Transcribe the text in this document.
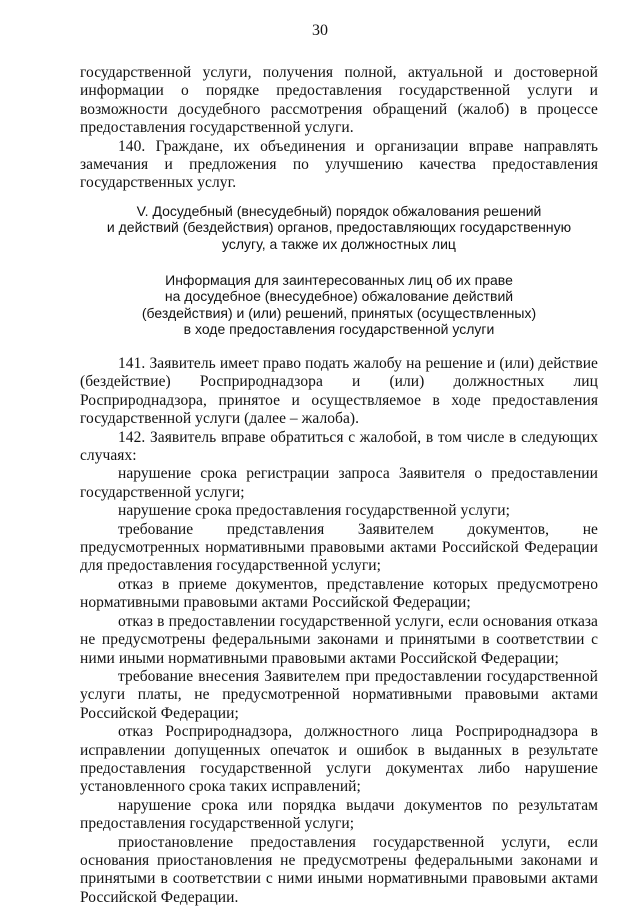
30

государственной услуги, получения полной, актуальной и достоверной информации о порядке предоставления государственной услуги и возможности досудебного рассмотрения обращений (жалоб) в процессе предоставления государственной услуги.

140. Граждане, их объединения и организации вправе направлять замечания и предложения по улучшению качества предоставления государственных услуг.

V. Досудебный (внесудебный) порядок обжалования решений
и действий (бездействия) органов, предоставляющих государственную
услугу, а также их должностных лиц
Информация для заинтересованных лиц об их праве
на досудебное (внесудебное) обжалование действий
(бездействия) и (или) решений, принятых (осуществленных)
в ходе предоставления государственной услуги

141. Заявитель имеет право подать жалобу на решение и (или) действие (бездействие) Росприроднадзора и (или) должностных лиц Росприроднадзора, принятое и осуществляемое в ходе предоставления государственной услуги (далее – жалоба).

142. Заявитель вправе обратиться с жалобой, в том числе в следующих случаях:

нарушение срока регистрации запроса Заявителя о предоставлении государственной услуги;

нарушение срока предоставления государственной услуги;

требование представления Заявителем документов, не предусмотренных нормативными правовыми актами Российской Федерации для предоставления государственной услуги;

отказ в приеме документов, представление которых предусмотрено нормативными правовыми актами Российской Федерации;

отказ в предоставлении государственной услуги, если основания отказа не предусмотрены федеральными законами и принятыми в соответствии с ними иными нормативными правовыми актами Российской Федерации;

требование внесения Заявителем при предоставлении государственной услуги платы, не предусмотренной нормативными правовыми актами Российской Федерации;

отказ Росприроднадзора, должностного лица Росприроднадзора в исправлении допущенных опечаток и ошибок в выданных в результате предоставления государственной услуги документах либо нарушение установленного срока таких исправлений;

нарушение срока или порядка выдачи документов по результатам предоставления государственной услуги;

приостановление предоставления государственной услуги, если основания приостановления не предусмотрены федеральными законами и принятыми в соответствии с ними иными нормативными правовыми актами Российской Федерации.
